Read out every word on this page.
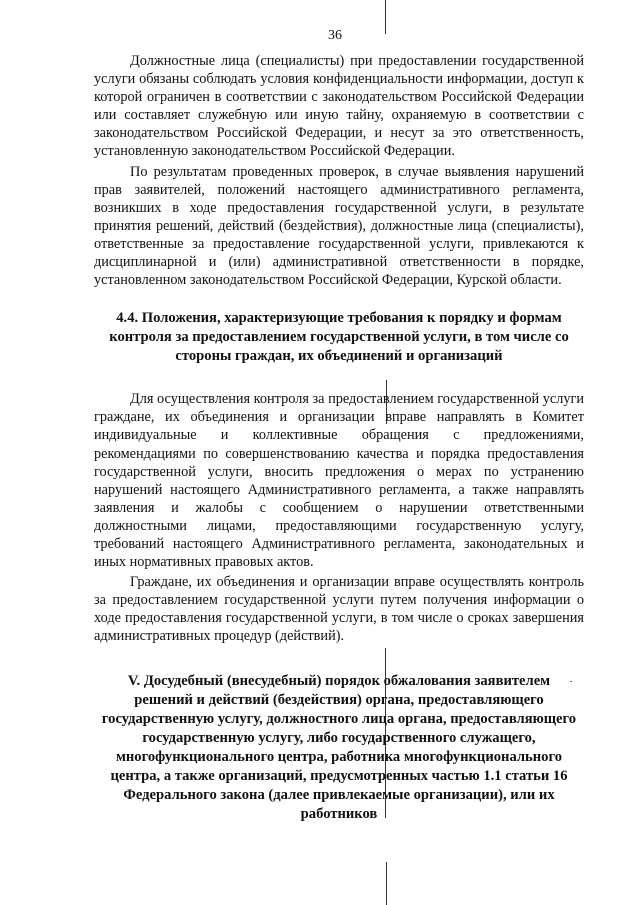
36

Должностные лица (специалисты) при предоставлении государственной услуги обязаны соблюдать условия конфиденциальности информации, доступ к которой ограничен в соответствии с законодательством Российской Федерации или составляет служебную или иную тайну, охраняемую в соответствии с законодательством Российской Федерации, и несут за это ответственность, установленную законодательством Российской Федерации.

По результатам проведенных проверок, в случае выявления нарушений прав заявителей, положений настоящего административного регламента, возникших в ходе предоставления государственной услуги, в результате принятия решений, действий (бездействия), должностные лица (специалисты), ответственные за предоставление государственной услуги, привлекаются к дисциплинарной и (или) административной ответственности в порядке, установленном законодательством Российской Федерации, Курской области.

4.4. Положения, характеризующие требования к порядку и формам контроля за предоставлением государственной услуги, в том числе со стороны граждан, их объединений и организаций

Для осуществления контроля за предоставлением государственной услуги граждане, их объединения и организации вправе направлять в Комитет индивидуальные и коллективные обращения с предложениями, рекомендациями по совершенствованию качества и порядка предоставления государственной услуги, вносить предложения о мерах по устранению нарушений настоящего Административного регламента, а также направлять заявления и жалобы с сообщением о нарушении ответственными должностными лицами, предоставляющими государственную услугу, требований настоящего Административного регламента, законодательных и иных нормативных правовых актов.

Граждане, их объединения и организации вправе осуществлять контроль за предоставлением государственной услуги путем получения информации о ходе предоставления государственной услуги, в том числе о сроках завершения административных процедур (действий).

V. Досудебный (внесудебный) порядок обжалования заявителем решений и действий (бездействия) органа, предоставляющего государственную услугу, должностного лица органа, предоставляющего государственную услугу, либо государственного служащего, многофункционального центра, работника многофункционального центра, а также организаций, предусмотренных частью 1.1 статьи 16 Федерального закона (далее привлекаемые организации), или их работников
